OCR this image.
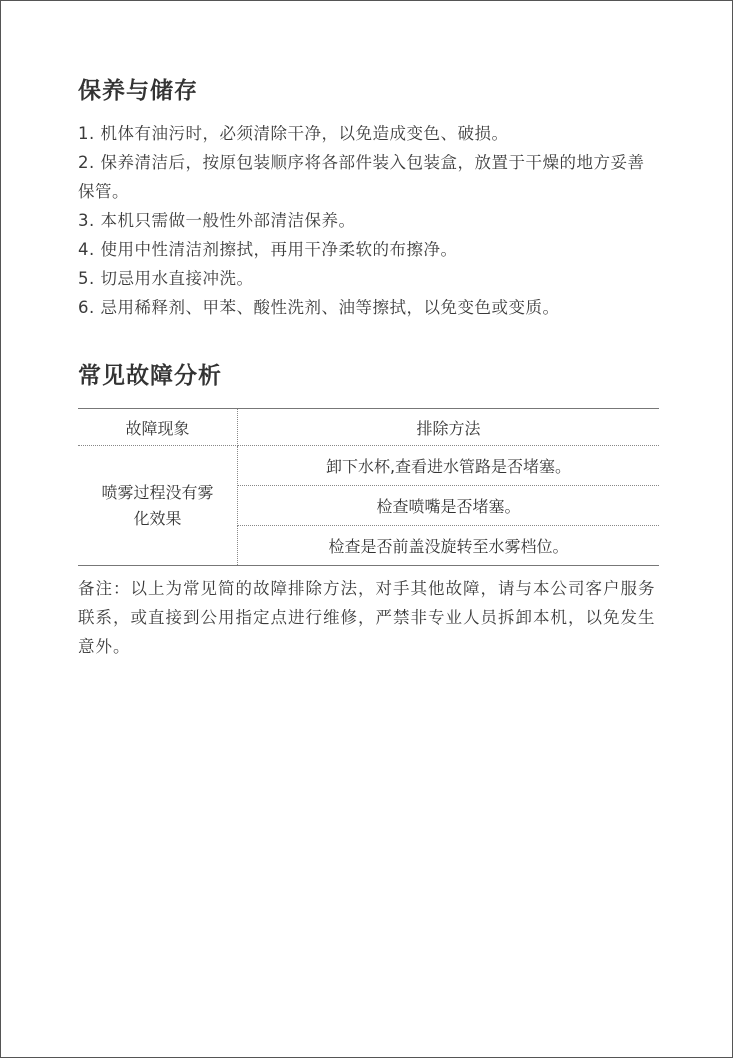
保养与储存
1. 机体有油污时，必须清除干净，以免造成变色、破损。
2. 保养清洁后，按原包装顺序将各部件装入包装盒，放置于干燥的地方妥善保管。
3. 本机只需做一般性外部清洁保养。
4. 使用中性清洁剂擦拭，再用干净柔软的布擦净。
5. 切忌用水直接冲洗。
6. 忌用稀释剂、甲苯、酸性洗剂、油等擦拭，以免变色或变质。
常见故障分析
故障现象	排除方法

喷雾过程没有雾化效果	卸下水杯,查看进水管路是否堵塞。
	检查喷嘴是否堵塞。
	检查是否前盖没旋转至水雾档位。

备注：以上为常见简的故障排除方法，对手其他故障，请与本公司客户服务联系，或直接到公用指定点进行维修，严禁非专业人员拆卸本机，以免发生意外。
